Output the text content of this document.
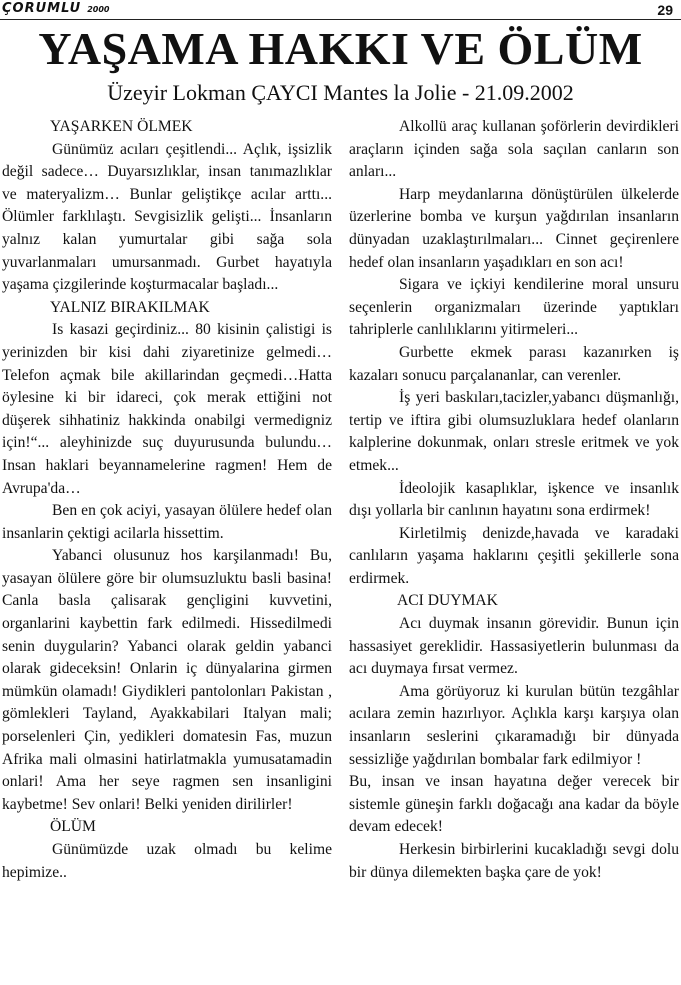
ÇORUMLU 2000	29
YAŞAMA HAKKI VE ÖLÜM
Üzeyir Lokman ÇAYCI Mantes la Jolie - 21.09.2002

YAŞARKEN ÖLMEK

Günümüz acıları çeşitlendi... Açlık, işsizlik değil sadece… Duyarsızlıklar, insan tanımazlıklar ve materyalizm… Bunlar geliştikçe acılar arttı... Ölümler farklılaştı. Sevgisizlik gelişti... İnsanların yalnız kalan yumurtalar gibi sağa sola yuvarlanmaları umursanmadı. Gurbet hayatıyla yaşama çizgilerinde koşturmacalar başladı...

YALNIZ BIRAKILMAK

Is kasazi geçirdiniz... 80 kisinin çalistigi is yerinizden bir kisi dahi ziyaretinize gelmedi…Telefon açmak bile akillarindan geçmedi…Hatta öylesine ki bir idareci, çok merak ettiğini not düşerek sihhatiniz hakkinda onabilgi vermedigniz için!“... aleyhinizde suç duyurusunda bulundu… Insan haklari beyannamelerine ragmen! Hem de Avrupa'da…

Ben en çok aciyi, yasayan ölülere hedef olan insanlarin çektigi acilarla hissettim.

Yabanci olusunuz hos karşilanmadı! Bu, yasayan ölülere göre bir olumsuzluktu basli basina! Canla basla çalisarak gençligini kuvvetini, organlarini kaybettin fark edilmedi. Hissedilmedi senin duygularin? Yabanci olarak geldin yabanci olarak gideceksin! Onlarin iç dünyalarina girmen mümkün olamadı! Giydikleri pantolonları Pakistan , gömlekleri Tayland, Ayakkabilari Italyan mali; porselenleri Çin, yedikleri domatesin Fas, muzun Afrika mali olmasini hatirlatmakla yumusatamadin onlari! Ama her seye ragmen sen insanligini kaybetme! Sev onlari! Belki yeniden dirilirler!

ÖLÜM

Günümüzde uzak olmadı bu kelime hepimize..

Alkollü araç kullanan şoförlerin devirdikleri araçların içinden sağa sola saçılan canların son anları...

Harp meydanlarına dönüştürülen ülkelerde üzerlerine bomba ve kurşun yağdırılan insanların dünyadan uzaklaştırılmaları... Cinnet geçirenlere hedef olan insanların yaşadıkları en son acı!

Sigara ve içkiyi kendilerine moral unsuru seçenlerin organizmaları üzerinde yaptıkları tahriplerle canlılıklarını yitirmeleri...

Gurbette ekmek parası kazanırken iş kazaları sonucu parçalananlar, can verenler.

İş yeri baskıları,tacizler,yabancı düşmanlığı, tertip ve iftira gibi olumsuzluklara hedef olanların kalplerine dokunmak, onları stresle eritmek ve yok etmek...

İdeolojik kasaplıklar, işkence ve insanlık dışı yollarla bir canlının hayatını sona erdirmek!

Kirletilmiş denizde,havada ve karadaki canlıların yaşama haklarını çeşitli şekillerle sona erdirmek.

ACI DUYMAK

Acı duymak insanın görevidir. Bunun için hassasiyet gereklidir. Hassasiyetlerin bulunması da acı duymaya fırsat vermez.

Ama görüyoruz ki kurulan bütün tezgâhlar acılara zemin hazırlıyor. Açlıkla karşı karşıya olan insanların seslerini çıkaramadığı bir dünyada sessizliğe yağdırılan bombalar fark edilmiyor !

Bu, insan ve insan hayatına değer verecek bir sistemle güneşin farklı doğacağı ana kadar da böyle devam edecek!

Herkesin birbirlerini kucakladığı sevgi dolu bir dünya dilemekten başka çare de yok!
